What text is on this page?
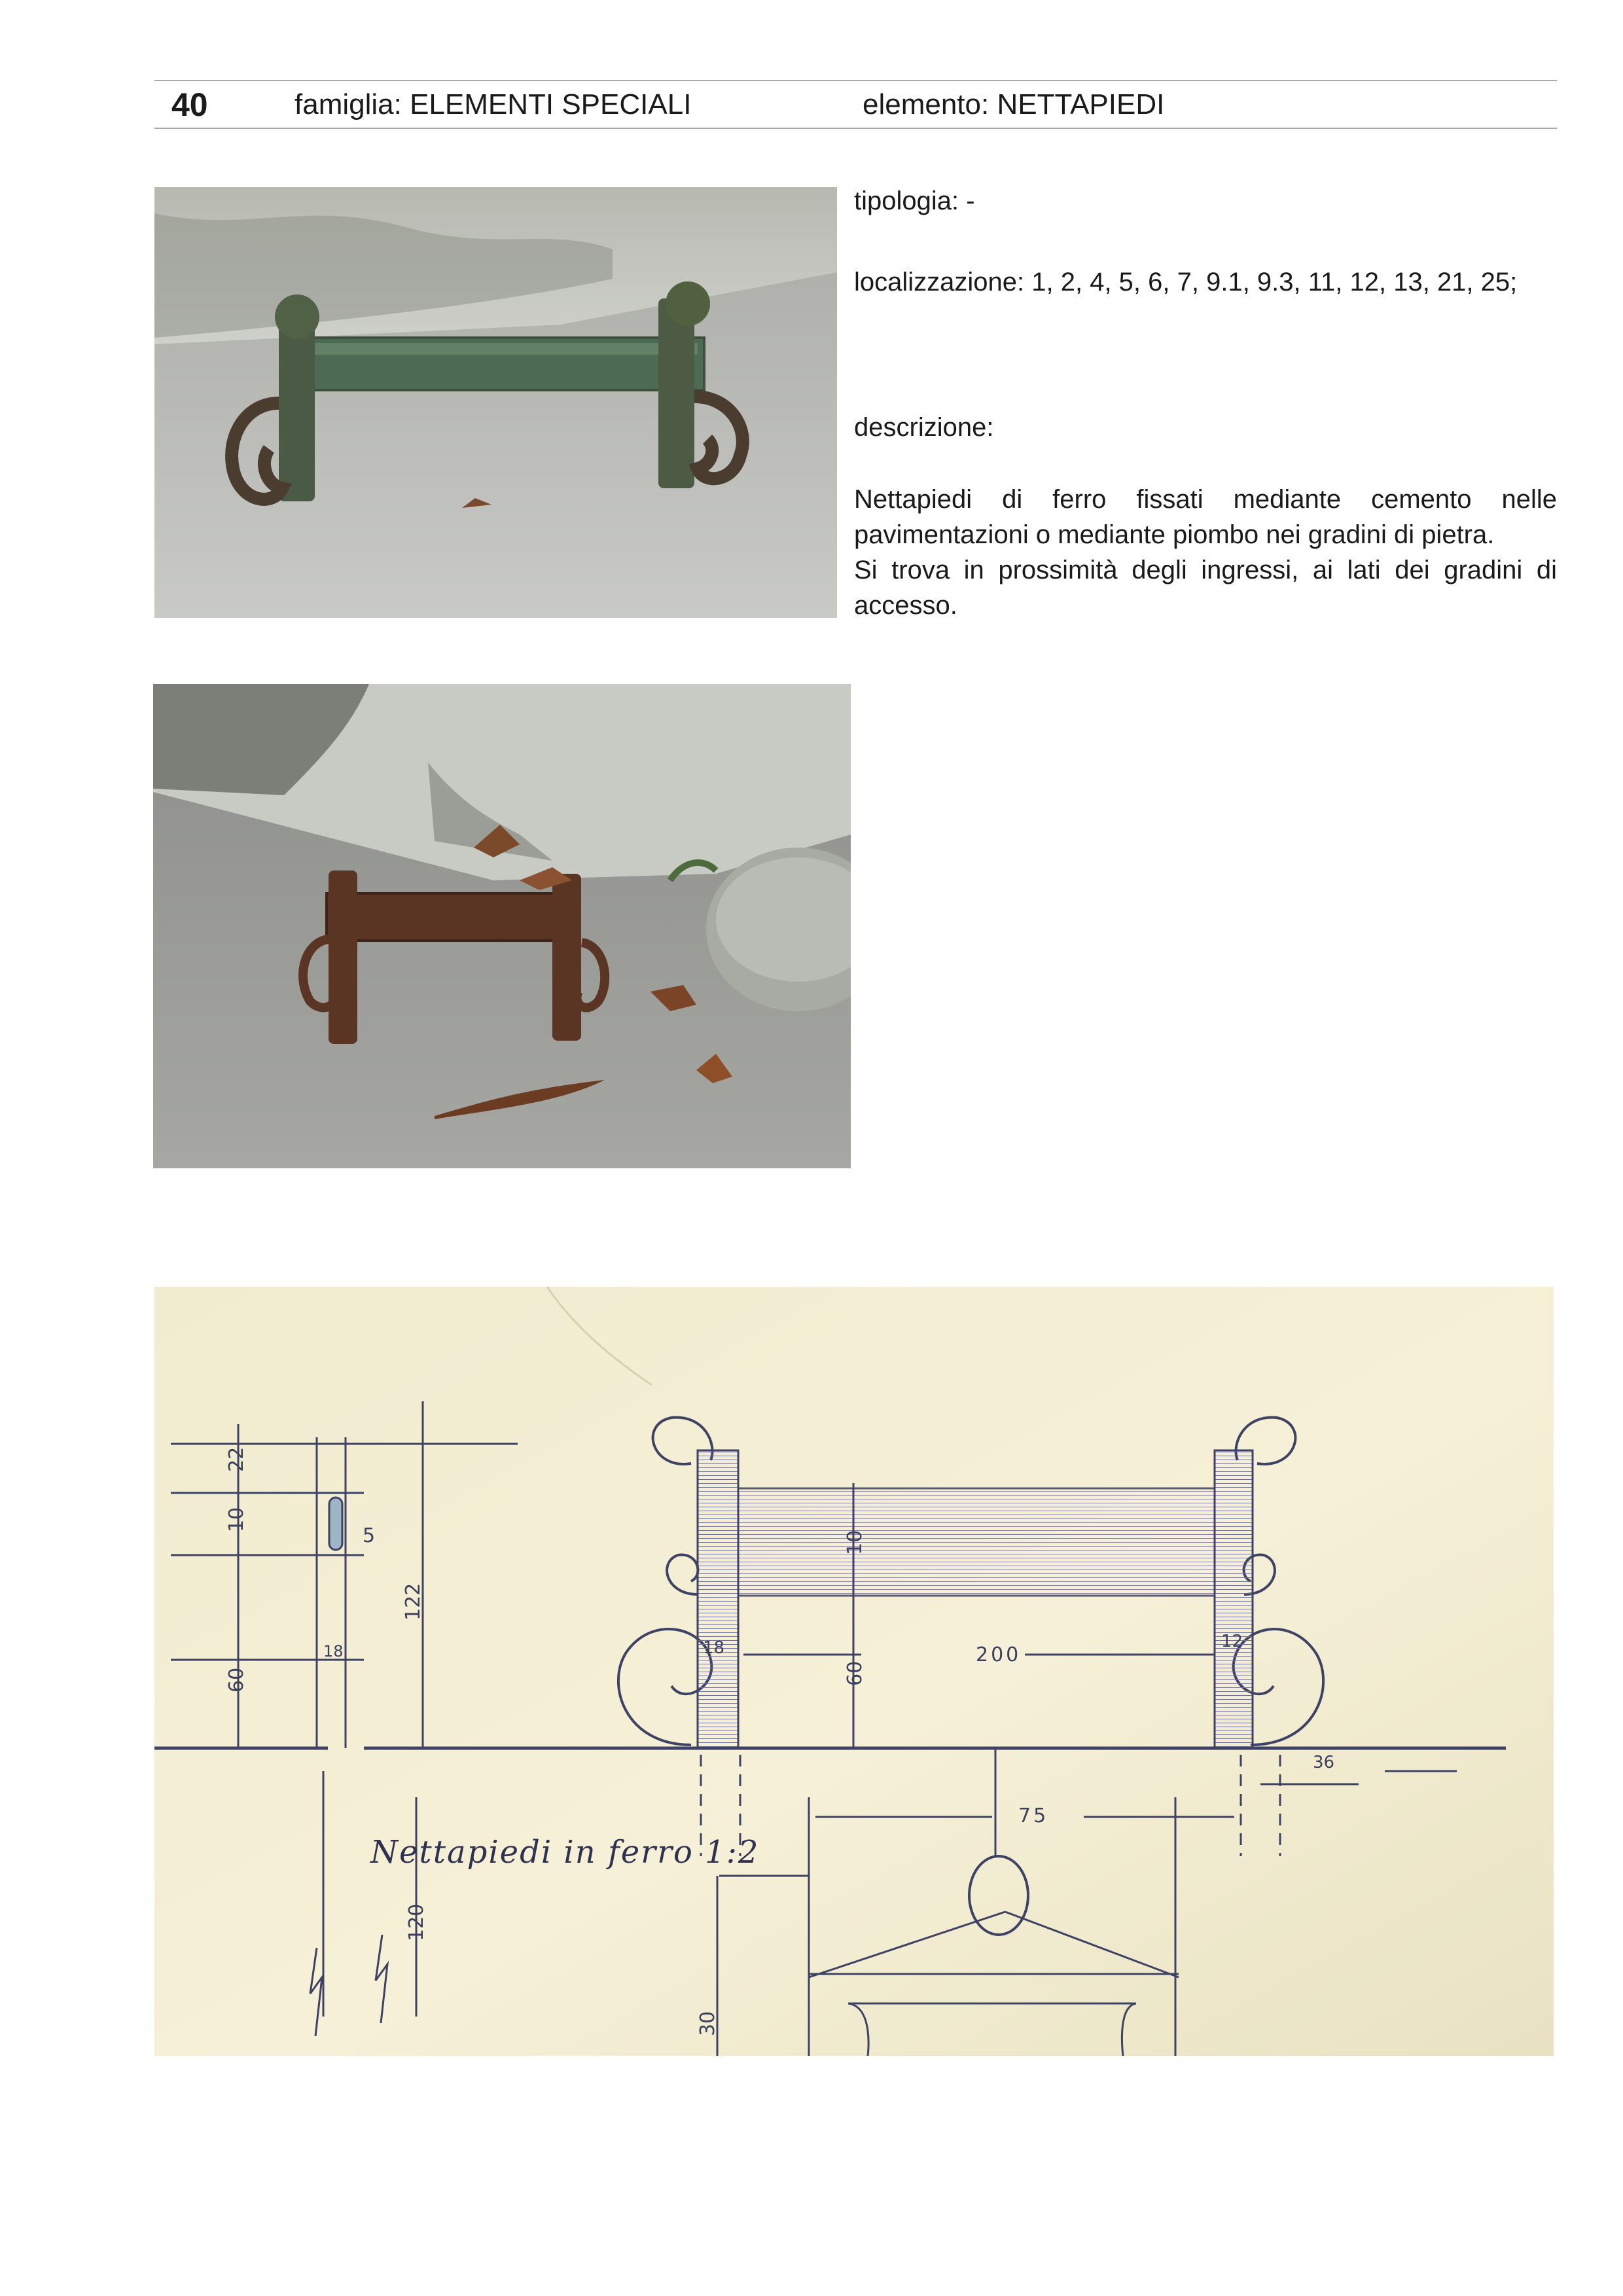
40	famiglia: ELEMENTI SPECIALI	elemento: NETTAPIEDI
tipologia: -
localizzazione: 1, 2, 4, 5, 6, 7, 9.1, 9.3, 11, 12, 13, 21, 25;
descrizione:

Nettapiedi di ferro fissati mediante cemento nelle pavimentazioni o mediante piombo nei gradini di pietra.

Si trova in prossimità degli ingressi, ai lati dei gradini di accesso.

22
10
5
60
18
122
10
18
60
200
12
36
75
120
30
Nettapiedi in ferro 1:2
